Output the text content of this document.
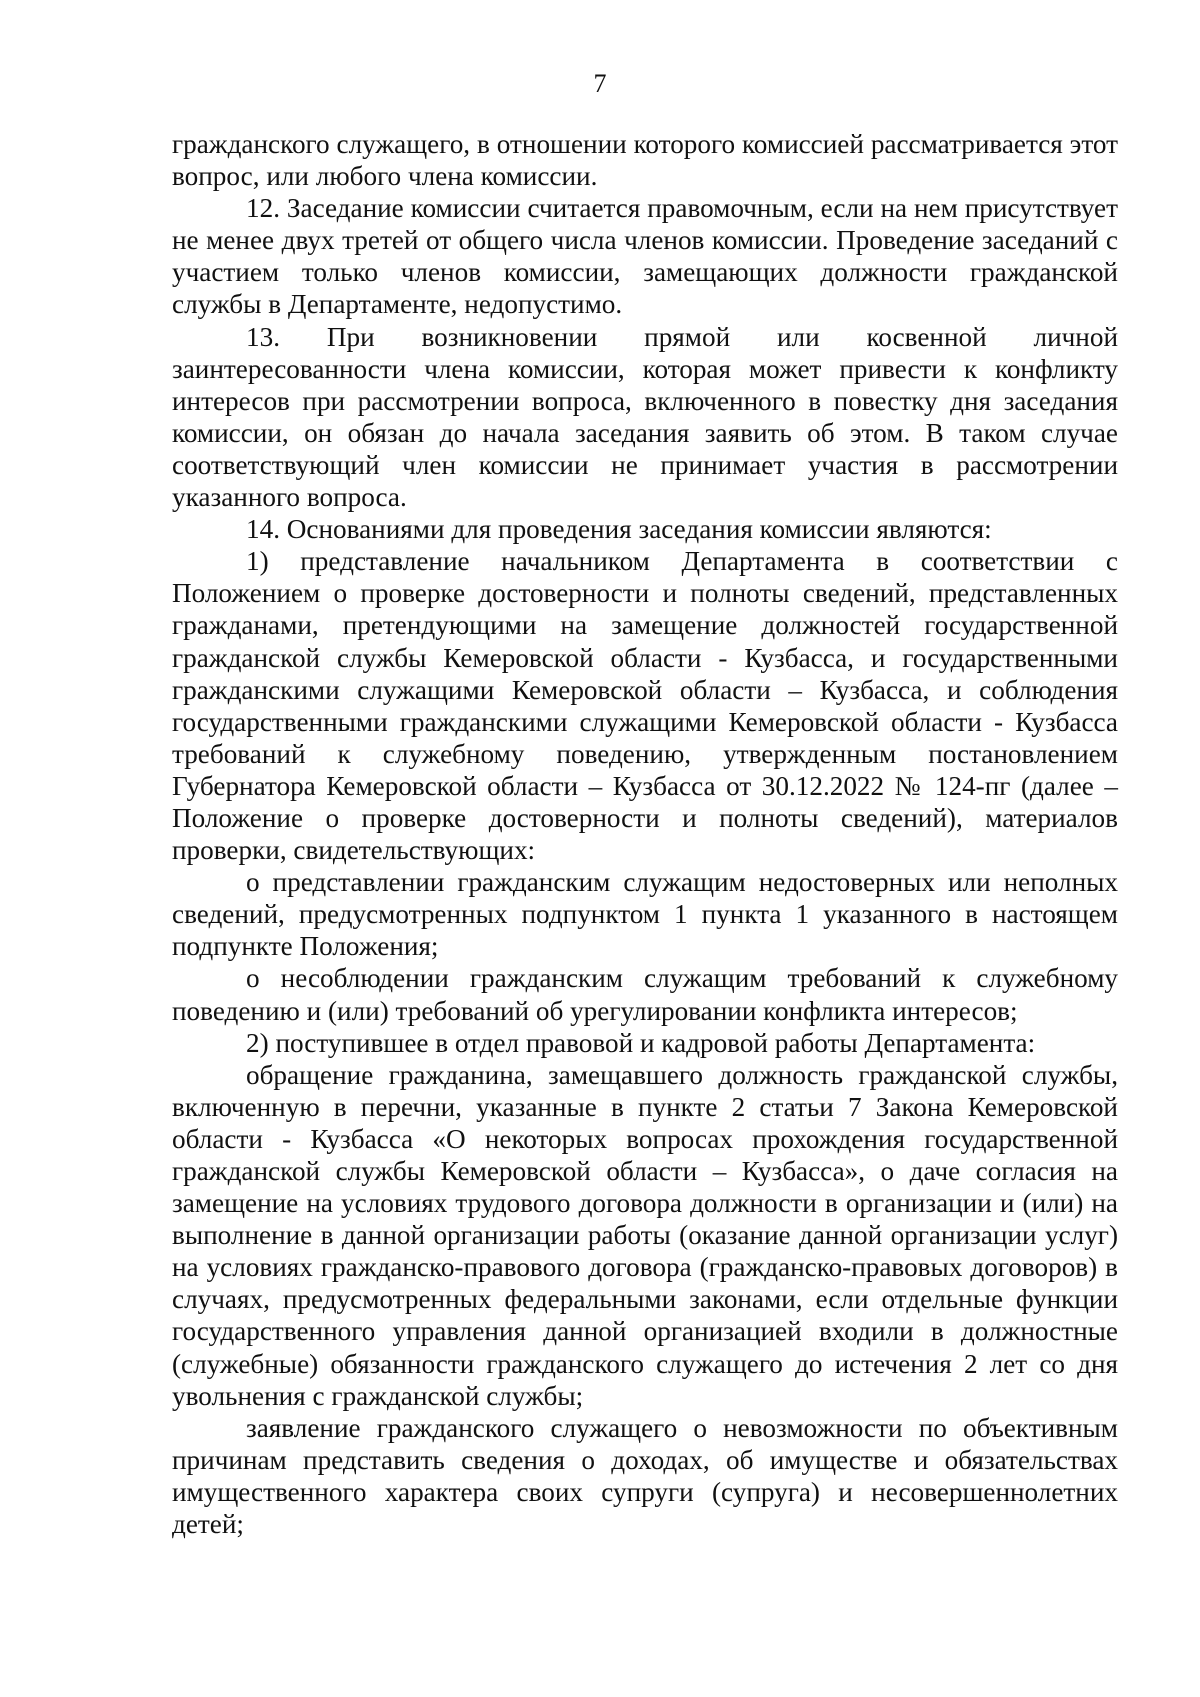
7

гражданского служащего, в отношении которого комиссией рассматривается этот вопрос, или любого члена комиссии.

12. Заседание комиссии считается правомочным, если на нем присутствует не менее двух третей от общего числа членов комиссии. Проведение заседаний с участием только членов комиссии, замещающих должности гражданской службы в Департаменте, недопустимо.

13. При возникновении прямой или косвенной личной заинтересованности члена комиссии, которая может привести к конфликту интересов при рассмотрении вопроса, включенного в повестку дня заседания комиссии, он обязан до начала заседания заявить об этом. В таком случае соответствующий член комиссии не принимает участия в рассмотрении указанного вопроса.

14. Основаниями для проведения заседания комиссии являются:

1) представление начальником Департамента в соответствии с Положением о проверке достоверности и полноты сведений, представленных гражданами, претендующими на замещение должностей государственной гражданской службы Кемеровской области - Кузбасса, и государственными гражданскими служащими Кемеровской области – Кузбасса, и соблюдения государственными гражданскими служащими Кемеровской области - Кузбасса требований к служебному поведению, утвержденным постановлением Губернатора Кемеровской области – Кузбасса от 30.12.2022 № 124-пг (далее – Положение о проверке достоверности и полноты сведений), материалов проверки, свидетельствующих:

о представлении гражданским служащим недостоверных или неполных сведений, предусмотренных подпунктом 1 пункта 1 указанного в настоящем подпункте Положения;

о несоблюдении гражданским служащим требований к служебному поведению и (или) требований об урегулировании конфликта интересов;

2) поступившее в отдел правовой и кадровой работы Департамента:

обращение гражданина, замещавшего должность гражданской службы, включенную в перечни, указанные в пункте 2 статьи 7 Закона Кемеровской области - Кузбасса «О некоторых вопросах прохождения государственной гражданской службы Кемеровской области – Кузбасса», о даче согласия на замещение на условиях трудового договора должности в организации и (или) на выполнение в данной организации работы (оказание данной организации услуг) на условиях гражданско-правового договора (гражданско-правовых договоров) в случаях, предусмотренных федеральными законами, если отдельные функции государственного управления данной организацией входили в должностные (служебные) обязанности гражданского служащего до истечения 2 лет со дня увольнения с гражданской службы;

заявление гражданского служащего о невозможности по объективным причинам представить сведения о доходах, об имуществе и обязательствах имущественного характера своих супруги (супруга) и несовершеннолетних детей;
